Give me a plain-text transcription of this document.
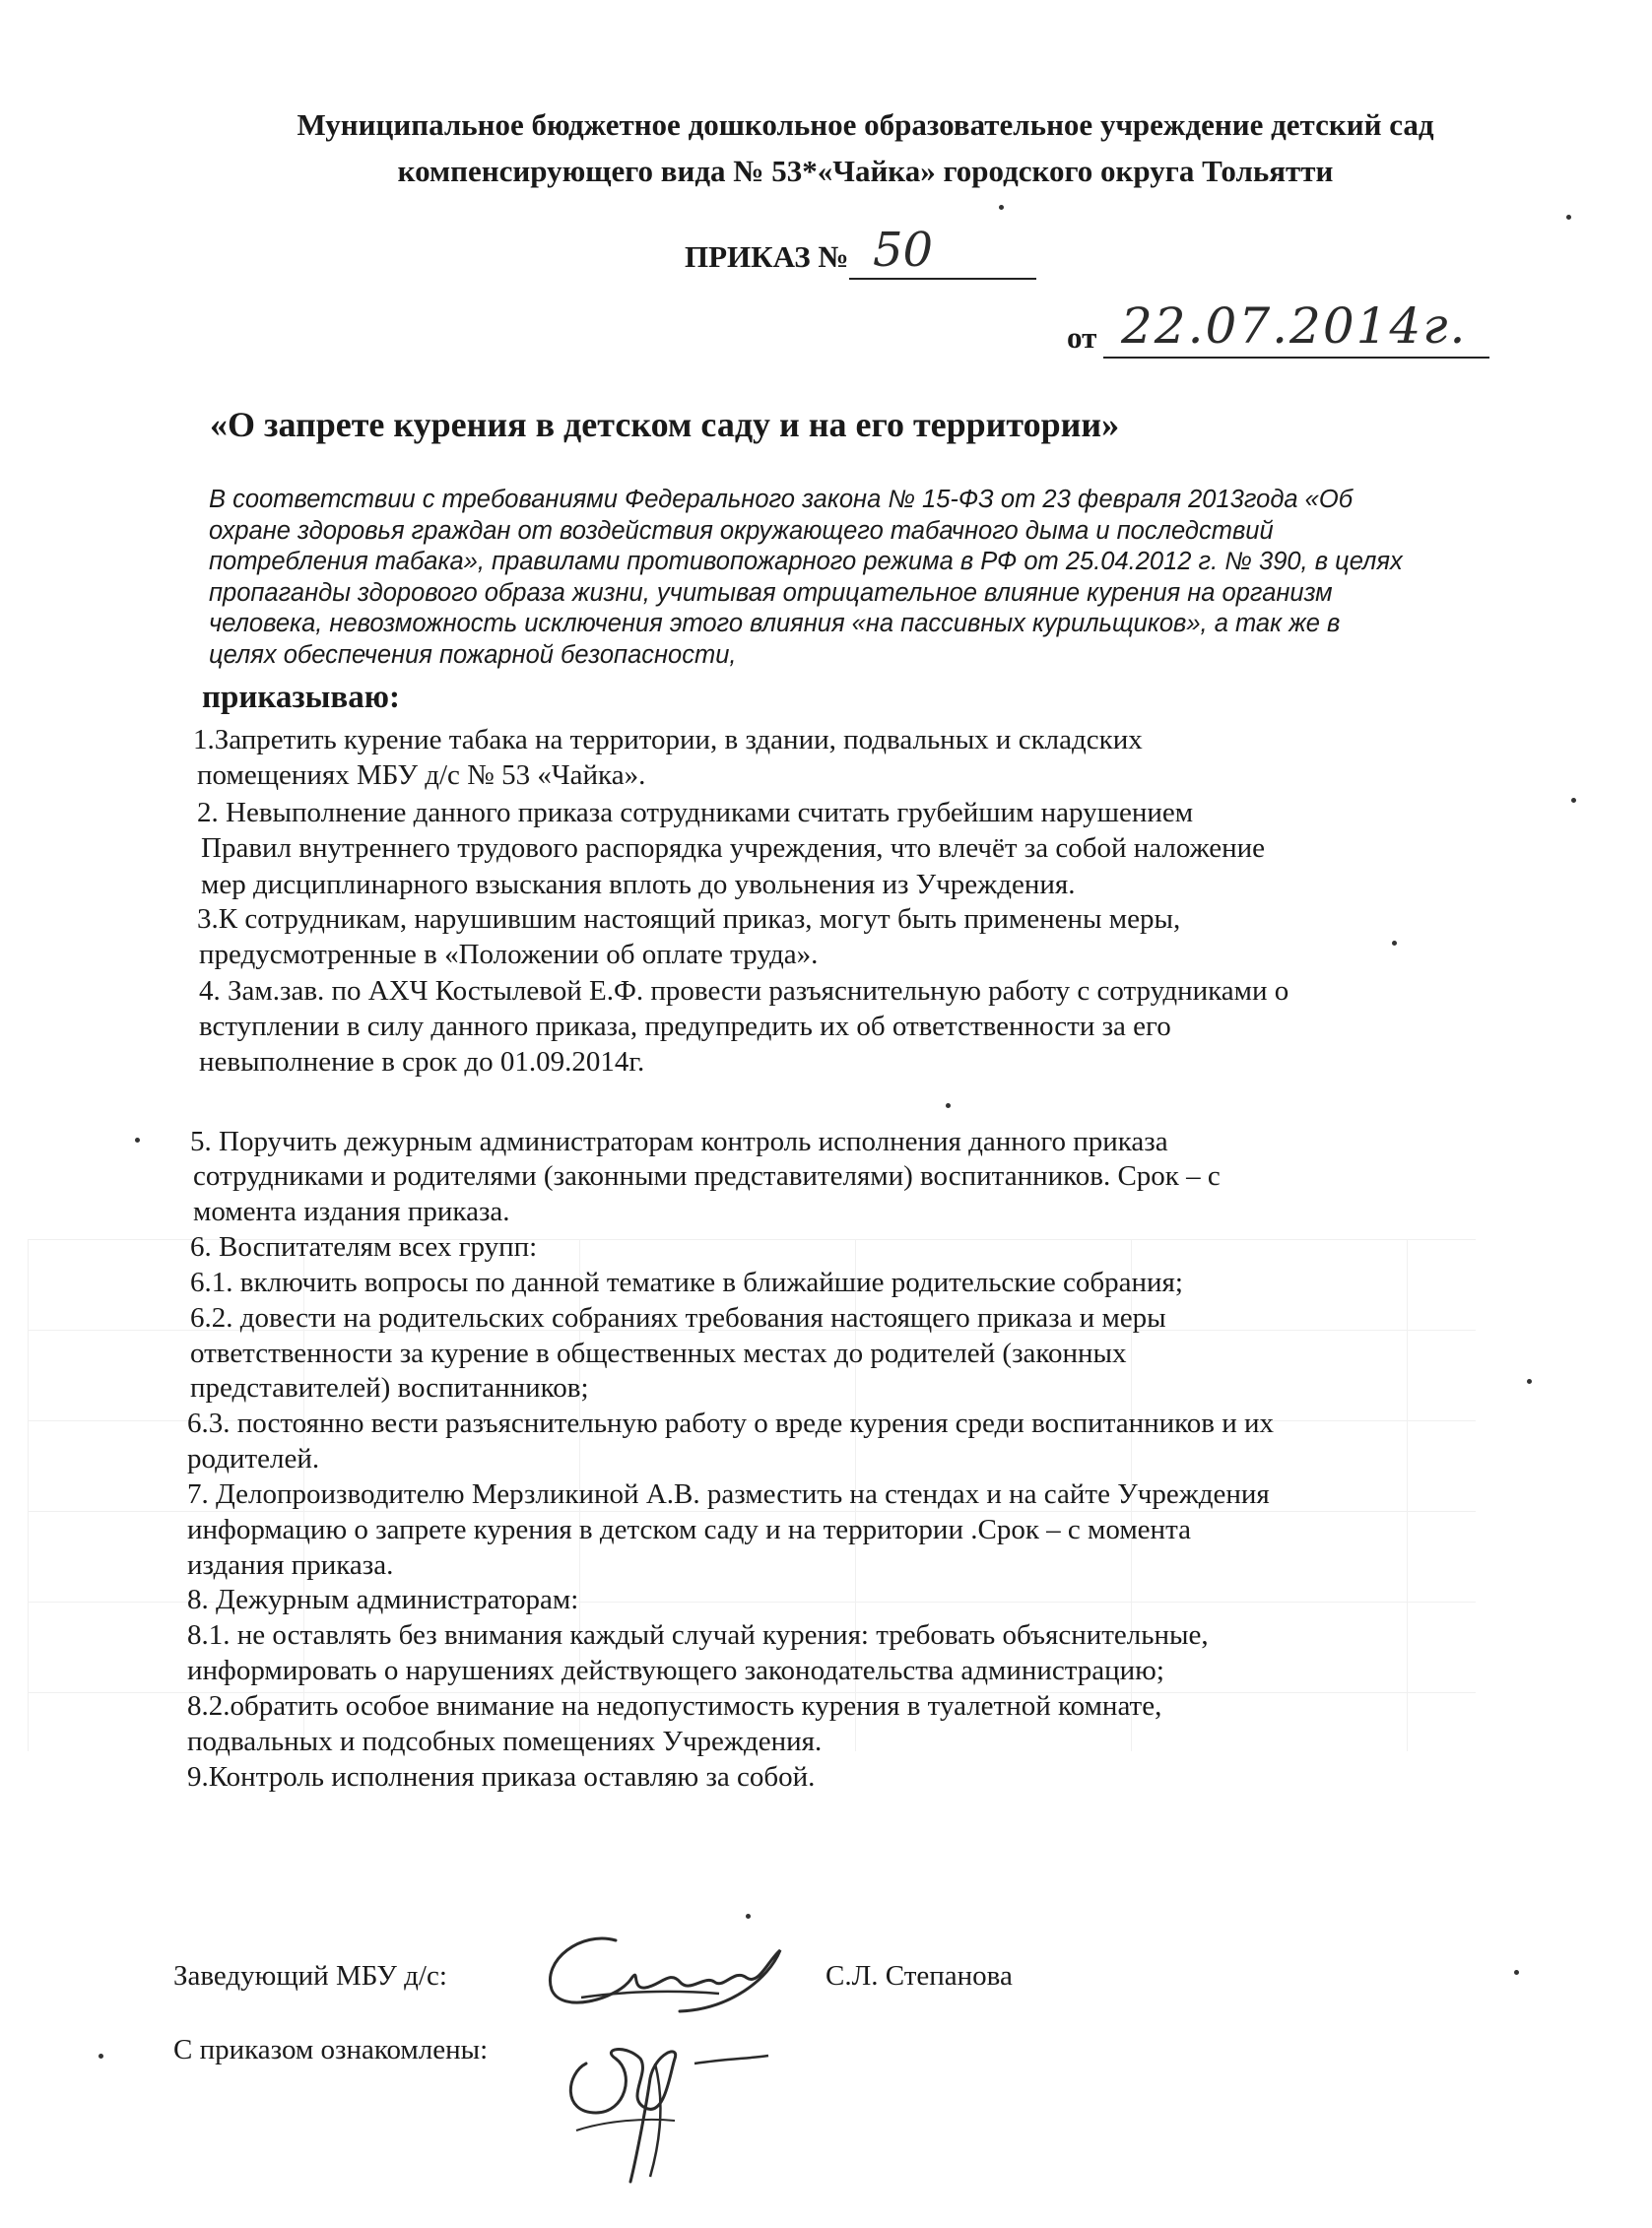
Муниципальное бюджетное дошкольное образовательное учреждение детский сад
компенсирующего вида № 53*«Чайка» городского округа Тольятти
ПРИКАЗ № 50
от 22.07.2014г.
«О запрете курения в детском саду и на его территории»
В соответствии с требованиями Федерального закона № 15-ФЗ от 23 февраля 2013года «Об
охране здоровья граждан от воздействия окружающего табачного дыма и последствий
потребления табака», правилами противопожарного режима в РФ от 25.04.2012 г. № 390, в целях
пропаганды здорового образа жизни, учитывая отрицательное влияние курения на организм
человека, невозможность исключения этого влияния «на пассивных курильщиков», а так же в
целях обеспечения пожарной безопасности,
приказываю:
1.Запретить курение табака на территории, в здании, подвальных и складских
помещениях МБУ д/с № 53 «Чайка».
2. Невыполнение данного приказа сотрудниками считать грубейшим нарушением
Правил внутреннего трудового распорядка учреждения, что влечёт за собой наложение
мер дисциплинарного взыскания вплоть до увольнения из Учреждения.
3.К сотрудникам, нарушившим настоящий приказ, могут быть применены меры,
предусмотренные в «Положении об оплате труда».
4. Зам.зав. по АХЧ Костылевой Е.Ф. провести разъяснительную работу с сотрудниками о
вступлении в силу данного приказа, предупредить их об ответственности за его
невыполнение в срок до 01.09.2014г.
5. Поручить дежурным администраторам контроль исполнения данного приказа
сотрудниками и родителями (законными представителями) воспитанников. Срок – с
момента издания приказа.
6. Воспитателям всех групп:
6.1. включить вопросы по данной тематике в ближайшие родительские собрания;
6.2. довести на родительских собраниях требования настоящего приказа и меры
ответственности за курение в общественных местах до родителей (законных
представителей) воспитанников;
6.3. постоянно вести разъяснительную работу о вреде курения среди воспитанников и их
родителей.
7. Делопроизводителю Мерзликиной А.В. разместить на стендах и на сайте Учреждения
информацию о запрете курения в детском саду и на территории .Срок – с момента
издания приказа.
8. Дежурным администраторам:
8.1. не оставлять без внимания каждый случай курения: требовать объяснительные,
информировать о нарушениях действующего законодательства администрацию;
8.2.обратить особое внимание на недопустимость курения в туалетной комнате,
подвальных и подсобных помещениях Учреждения.
9.Контроль исполнения приказа оставляю за собой.
Заведующий МБУ д/с:	С.Л. Степанова
С приказом ознакомлены:
